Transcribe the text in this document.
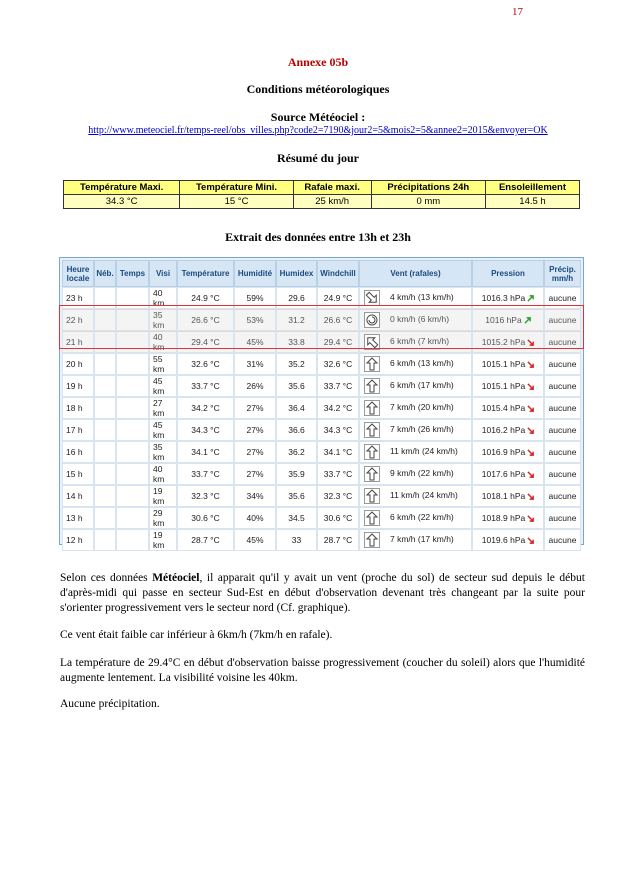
17
Annexe 05b
Conditions météorologiques
Source Météociel :
http://www.meteociel.fr/temps-reel/obs_villes.php?code2=7190&jour2=5&mois2=5&annee2=2015&envoyer=OK
Résumé du jour
Température Maxi.	Température Mini.	Rafale maxi.	Précipitations 24h	Ensoleillement
34.3 °C	15 °C	25 km/h	0 mm	14.5 h
Extrait des données entre 13h et 23h
Heure locale	Néb.	Temps	Visi	Température	Humidité	Humidex	Windchill	Vent (rafales)	Pression	Précip. mm/h
23 h			40 km	24.9 °C	59%	29.6	24.9 °C	4 km/h (13 km/h)	1016.3 hPa	aucune
22 h			35 km	26.6 °C	53%	31.2	26.6 °C	0 km/h (6 km/h)	1016 hPa	aucune
21 h			40 km	29.4 °C	45%	33.8	29.4 °C	6 km/h (7 km/h)	1015.2 hPa	aucune
20 h			55 km	32.6 °C	31%	35.2	32.6 °C	6 km/h (13 km/h)	1015.1 hPa	aucune
19 h			45 km	33.7 °C	26%	35.6	33.7 °C	6 km/h (17 km/h)	1015.1 hPa	aucune
18 h			27 km	34.2 °C	27%	36.4	34.2 °C	7 km/h (20 km/h)	1015.4 hPa	aucune
17 h			45 km	34.3 °C	27%	36.6	34.3 °C	7 km/h (26 km/h)	1016.2 hPa	aucune
16 h			35 km	34.1 °C	27%	36.2	34.1 °C	11 km/h (24 km/h)	1016.9 hPa	aucune
15 h			40 km	33.7 °C	27%	35.9	33.7 °C	9 km/h (22 km/h)	1017.6 hPa	aucune
14 h			19 km	32.3 °C	34%	35.6	32.3 °C	11 km/h (24 km/h)	1018.1 hPa	aucune
13 h			29 km	30.6 °C	40%	34.5	30.6 °C	6 km/h (22 km/h)	1018.9 hPa	aucune
12 h			19 km	28.7 °C	45%	33	28.7 °C	7 km/h (17 km/h)	1019.6 hPa	aucune
Selon ces données Météociel, il apparait qu'il y avait un vent (proche du sol) de secteur sud depuis le début d'après-midi qui passe en secteur Sud-Est en début d'observation devenant très changeant par la suite pour s'orienter progressivement vers le secteur nord (Cf. graphique).
Ce vent était faible car inférieur à 6km/h (7km/h en rafale).
La température de 29.4°C en début d'observation baisse progressivement (coucher du soleil) alors que l'humidité augmente lentement. La visibilité voisine les 40km.
Aucune précipitation.
